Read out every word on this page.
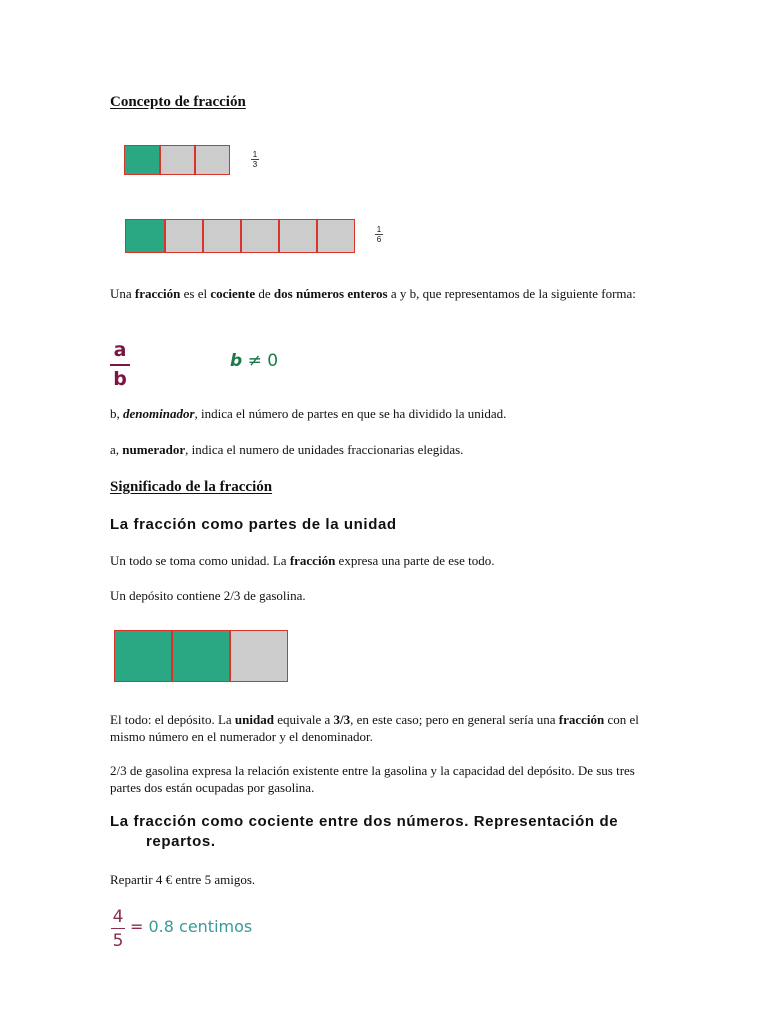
Concepto de fracción
1
3
1
6
Una fracción es el cociente de dos números enteros a y b, que representamos de la siguiente forma:
a
b
b ≠ 0
b, denominador, indica el número de partes en que se ha dividido la unidad.
a, numerador, indica el numero de unidades fraccionarias elegidas.
Significado de la fracción
La fracción como partes de la unidad
Un todo se toma como unidad. La fracción expresa una parte de ese todo.
Un depósito contiene 2/3 de gasolina.
El todo: el depósito. La unidad equivale a 3/3, en este caso; pero en general sería una fracción con el mismo número en el numerador y el denominador.
2/3 de gasolina expresa la relación existente entre la gasolina y la capacidad del depósito. De sus tres partes dos están ocupadas por gasolina.
La fracción como cociente entre dos números. Representación de
repartos.
Repartir 4 € entre 5 amigos.
4
5
= 0.8 centimos
